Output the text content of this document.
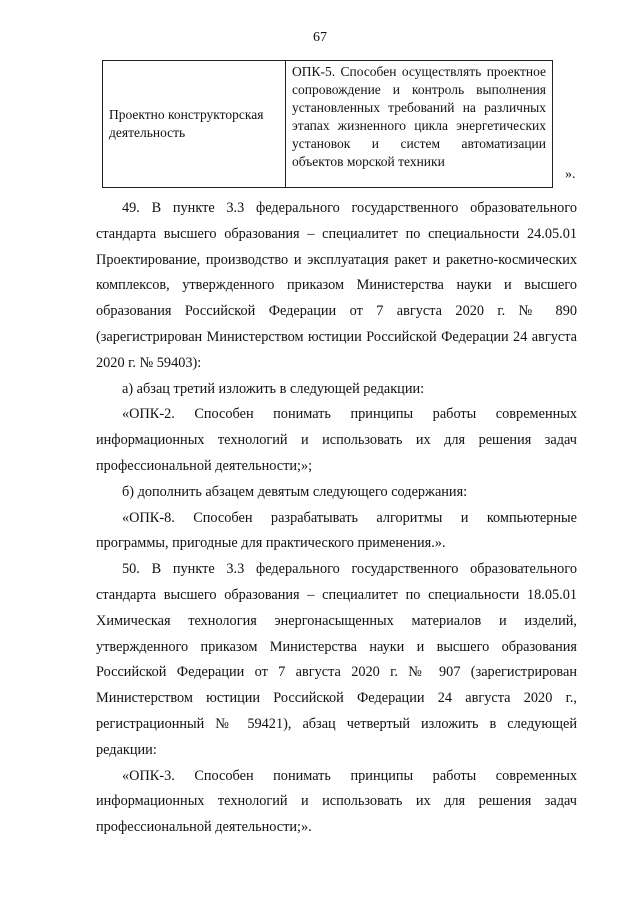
67
Проектно конструкторская деятельность	ОПК-5. Способен осуществлять проектное сопровождение и контроль выполнения установленных требований на различных этапах жизненного цикла энергетических установок и систем автоматизации объектов морской техники
».

49. В пункте 3.3 федерального государственного образовательного стандарта высшего образования – специалитет по специальности 24.05.01 Проектирование, производство и эксплуатация ракет и ракетно-космических комплексов, утвержденного приказом Министерства науки и высшего образования Российской Федерации от 7 августа 2020 г. № 890 (зарегистрирован Министерством юстиции Российской Федерации 24 августа 2020 г. № 59403):

а) абзац третий изложить в следующей редакции:

«ОПК-2. Способен понимать принципы работы современных информационных технологий и использовать их для решения задач профессиональной деятельности;»;

б) дополнить абзацем девятым следующего содержания:

«ОПК-8. Способен разрабатывать алгоритмы и компьютерные программы, пригодные для практического применения.».

50. В пункте 3.3 федерального государственного образовательного стандарта высшего образования – специалитет по специальности 18.05.01 Химическая технология энергонасыщенных материалов и изделий, утвержденного приказом Министерства науки и высшего образования Российской Федерации от 7 августа 2020 г. № 907 (зарегистрирован Министерством юстиции Российской Федерации 24 августа 2020 г., регистрационный № 59421), абзац четвертый изложить в следующей редакции:

«ОПК-3. Способен понимать принципы работы современных информационных технологий и использовать их для решения задач профессиональной деятельности;».
